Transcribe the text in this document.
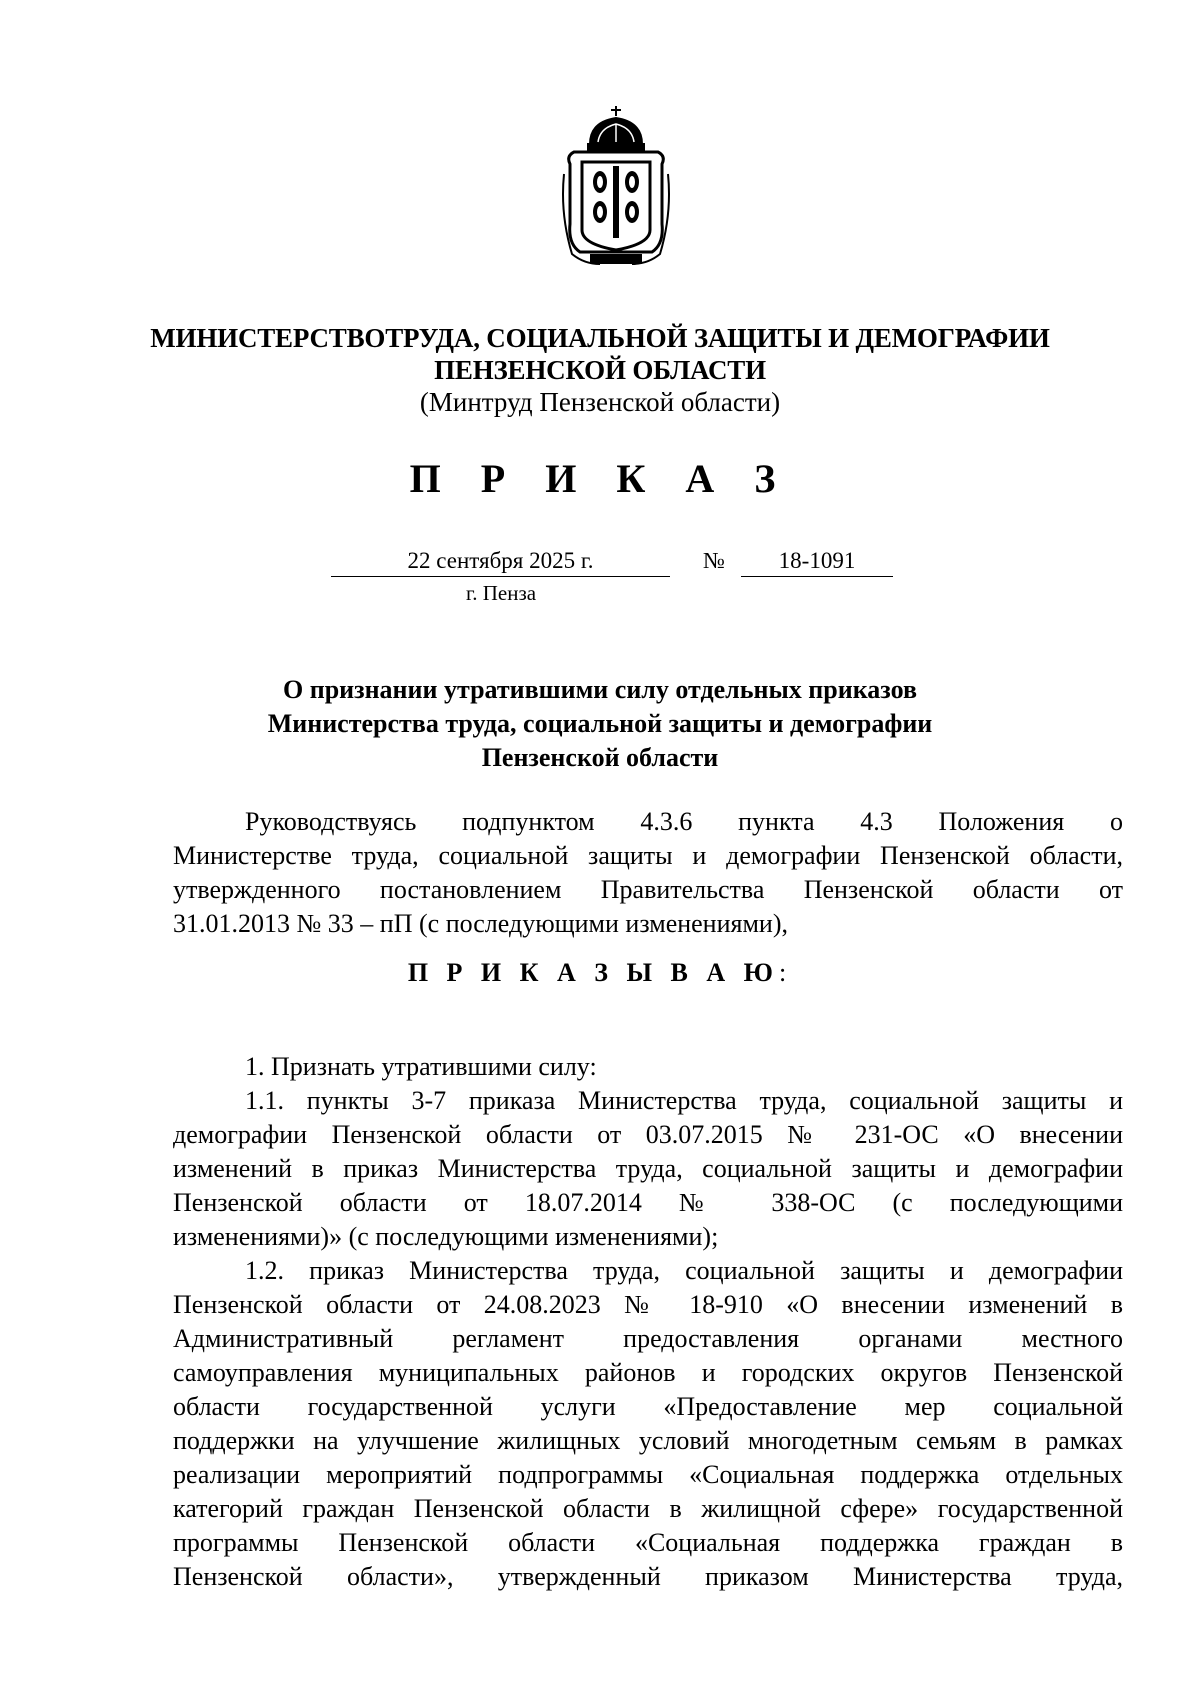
МИНИСТЕРСТВОТРУДА, СОЦИАЛЬНОЙ ЗАЩИТЫ И ДЕМОГРАФИИ
ПЕНЗЕНСКОЙ ОБЛАСТИ
(Минтруд Пензенской области)
П Р И К А З
22 сентября 2025 г.	№	18-1091
г. Пенза
О признании утратившими силу отдельных приказов
Министерства труда, социальной защиты и демографии
Пензенской области
Руководствуясь подпунктом 4.3.6 пункта 4.3 Положения о
Министерстве труда, социальной защиты и демографии Пензенской области,
утвержденного постановлением Правительства Пензенской области от
31.01.2013 № 33 – пП (с последующими изменениями),
П Р И К А З Ы В А Ю:
1. Признать утратившими силу:
1.1. пункты 3-7 приказа Министерства труда, социальной защиты и
демографии Пензенской области от 03.07.2015 № 231-ОС «О внесении
изменений в приказ Министерства труда, социальной защиты и демографии
Пензенской области от 18.07.2014 № 338-ОС (с последующими
изменениями)» (с последующими изменениями);
1.2. приказ Министерства труда, социальной защиты и демографии
Пензенской области от 24.08.2023 № 18-910 «О внесении изменений в
Административный регламент предоставления органами местного
самоуправления муниципальных районов и городских округов Пензенской
области государственной услуги «Предоставление мер социальной
поддержки на улучшение жилищных условий многодетным семьям в рамках
реализации мероприятий подпрограммы «Социальная поддержка отдельных
категорий граждан Пензенской области в жилищной сфере» государственной
программы Пензенской области «Социальная поддержка граждан в
Пензенской области», утвержденный приказом Министерства труда,
